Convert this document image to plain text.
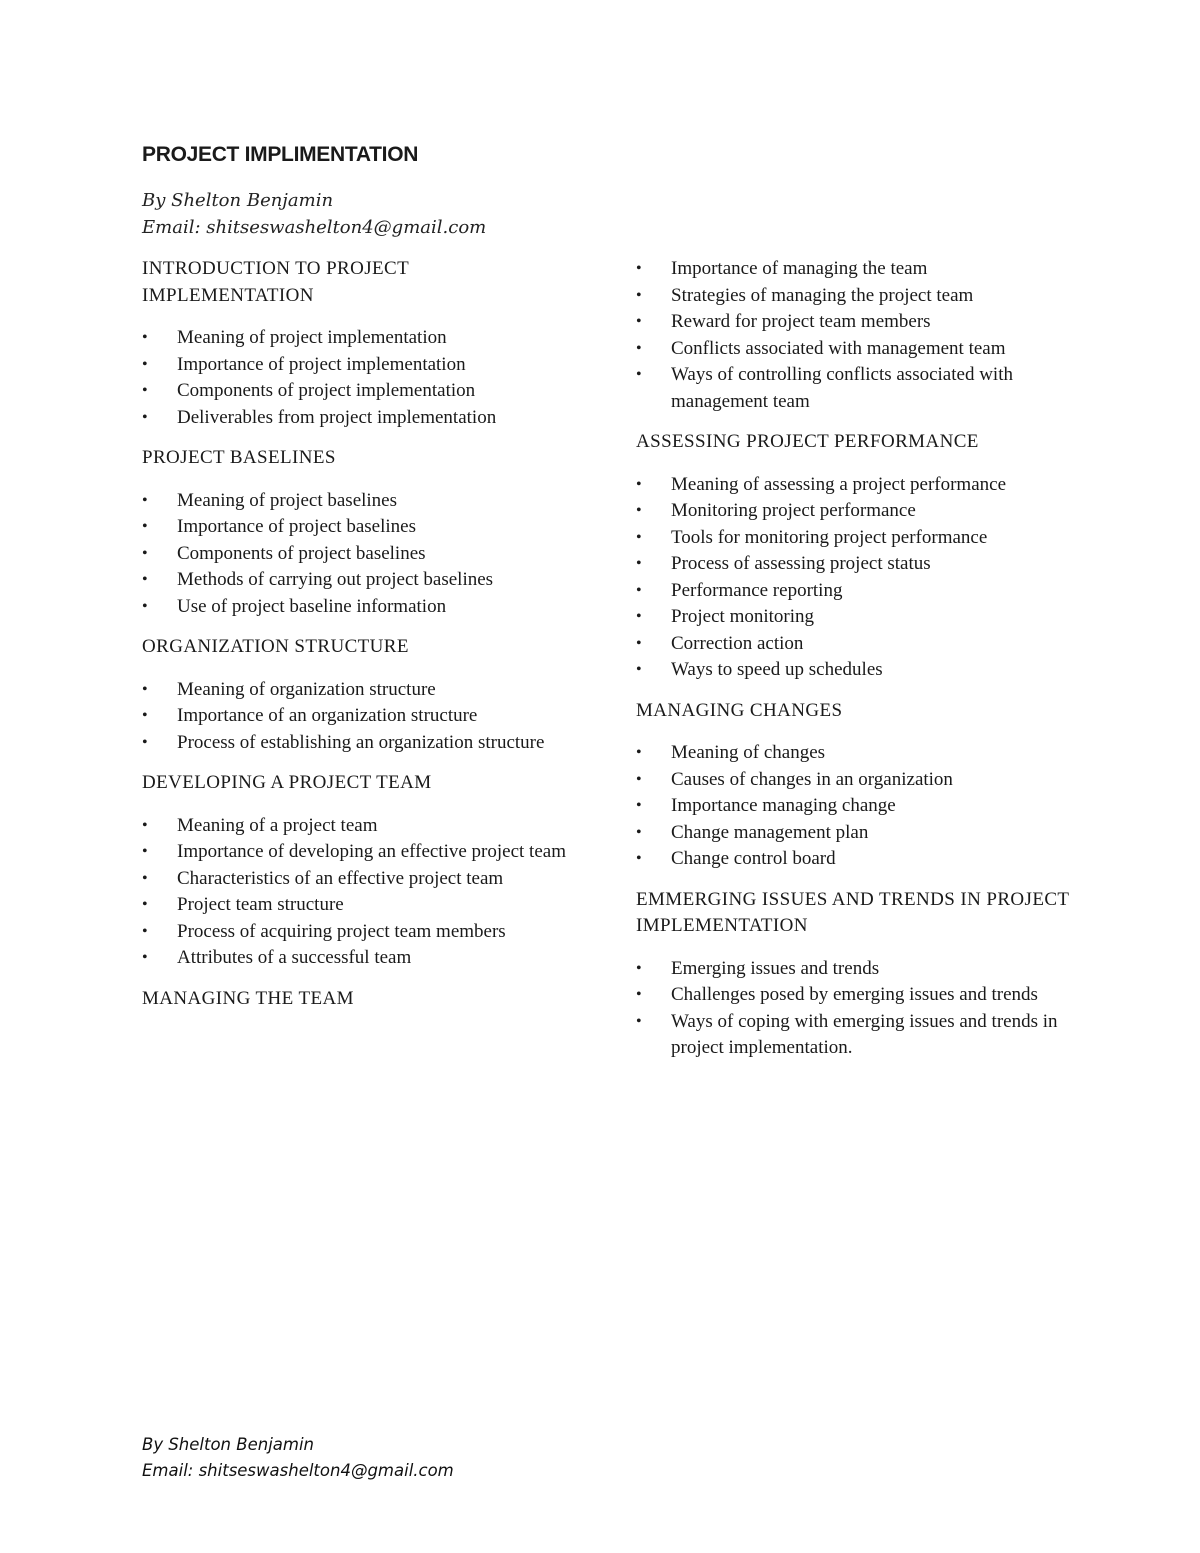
PROJECT IMPLIMENTATION
By Shelton Benjamin
Email: shitseswashelton4@gmail.com
INTRODUCTION TO PROJECT IMPLEMENTATION
• Meaning of project implementation
• Importance of project implementation
• Components of project implementation
• Deliverables from project implementation
PROJECT BASELINES
• Meaning of project baselines
• Importance of project baselines
• Components of project baselines
• Methods of carrying out project baselines
• Use of project baseline information
ORGANIZATION STRUCTURE
• Meaning of organization structure
• Importance of an organization structure
• Process of establishing an organization structure
DEVELOPING A PROJECT TEAM
• Meaning of a project team
• Importance of developing an effective project team
• Characteristics of an effective project team
• Project team structure
• Process of acquiring project team members
• Attributes of a successful team
MANAGING THE TEAM
• Importance of managing the team
• Strategies of managing the project team
• Reward for project team members
• Conflicts associated with management team
• Ways of controlling conflicts associated with management team
ASSESSING PROJECT PERFORMANCE
• Meaning of assessing a project performance
• Monitoring project performance
• Tools for monitoring project performance
• Process of assessing project status
• Performance reporting
• Project monitoring
• Correction action
• Ways to speed up schedules
MANAGING CHANGES
• Meaning of changes
• Causes of changes in an organization
• Importance managing change
• Change management plan
• Change control board
EMMERGING ISSUES AND TRENDS IN PROJECT IMPLEMENTATION
• Emerging issues and trends
• Challenges posed by emerging issues and trends
• Ways of coping with emerging issues and trends in project implementation.
By Shelton Benjamin
Email: shitseswashelton4@gmail.com
